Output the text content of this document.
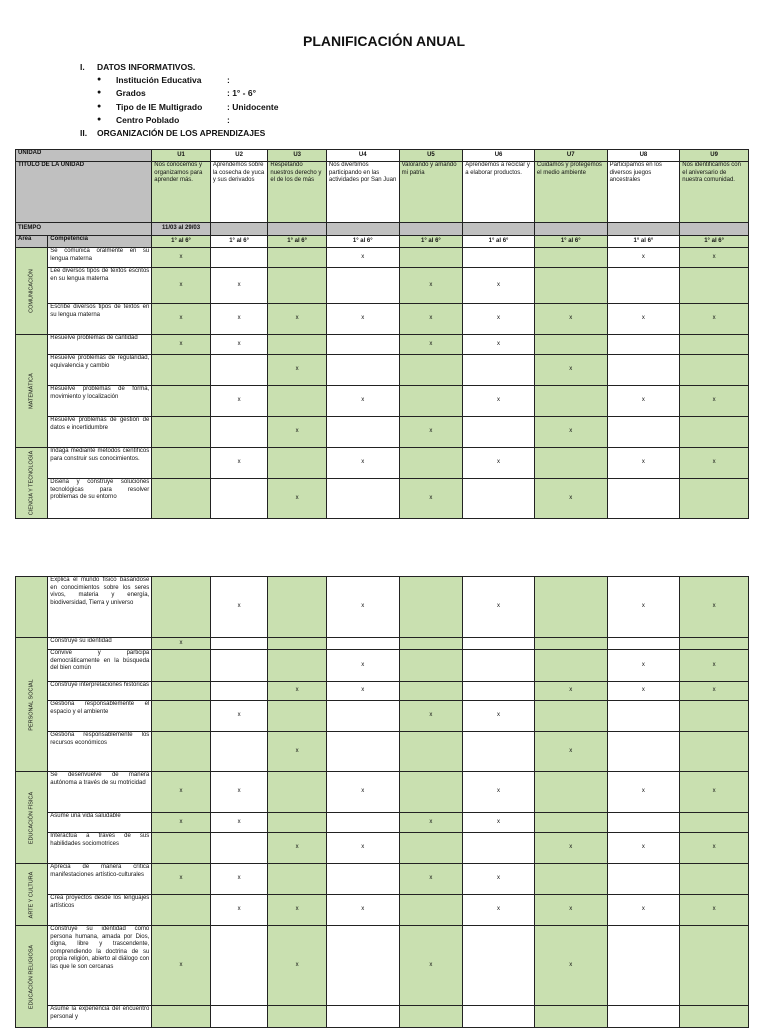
PLANIFICACIÓN ANUAL
I. DATOS INFORMATIVOS.
● Institución Educativa	:
● Grados	: 1° - 6°
● Tipo de IE Multigrado	: Unidocente
● Centro Poblado	:
II. ORGANIZACIÓN DE LOS APRENDIZAJES
UNIDAD		U1	U2	U3	U4	U5	U6	U7	U8	U9
TITULO DE LA UNIDAD		Nos conocemos y organizamos para aprender más.	Aprendemos sobre la cosecha de yuca y sus derivados	Respetando nuestros derecho y el de los de más	Nos divertimos participando en las actividades por San Juan	Valorando y amando mi patria	Aprendemos a reciclar y a elaborar productos.	Cuidamos y protegemos el medio ambiente	Participamos en los diversos juegos ancestrales	Nos identificamos con el aniversario de nuestra comunidad.
TIEMPO		11/03 al 29/03								
Área	Competencia	1° al 6°	1° al 6°	1° al 6°	1° al 6°	1° al 6°	1° al 6°	1° al 6°	1° al 6°	1° al 6°

COMUNICACIÓN	Se comunica oralmente en su lengua materna	x			x				x	x
	Lee diversos tipos de textos escritos en su lengua materna	x	x			x	x			
	Escribe diversos tipos de textos en su lengua materna	x	x	x	x	x	x	x	x	x

MATEMÁTICA	Resuelve problemas de cantidad	x	x			x	x			
	Resuelve problemas de regularidad, equivalencia y cambio			x				x		
	Resuelve problemas de forma, movimiento y localización		x		x		x		x	x
	Resuelve problemas de gestión de datos e incertidumbre			x		x		x		

CIENCIA Y TECNOLOGÍA	Indaga mediante métodos científicos para construir sus conocimientos.		x		x		x		x	x
	Diseña y construye soluciones tecnológicas para resolver problemas de su entorno			x		x		x		
	Explica el mundo físico basándose en conocimientos sobre los seres vivos, materia y energía, biodiversidad, Tierra y universo		x		x		x		x	x

PERSONAL SOCIAL	Construye su identidad	x								
	Convive y participa democráticamente en la búsqueda del bien común				x				x	x
	Construye interpretaciones históricas			x	x			x	x	x
	Gestiona responsablemente el espacio y el ambiente		x			x	x			
	Gestiona responsablemente los recursos económicos			x				x		

EDUCACIÓN FÍSICA	Se desenvuelve de manera autónoma a través de su motricidad	x	x		x		x		x	x
	Asume una vida saludable	x	x			x	x			
	Interactúa a través de sus habilidades sociomotrices			x	x			x	x	x

ARTE Y CULTURA	Aprecia de manera crítica manifestaciones artístico-culturales	x	x			x	x			
	Crea proyectos desde los lenguajes artísticos		x	x	x		x	x	x	x

EDUCACIÓN RELIGIOSA	Construye su identidad como persona humana, amada por Dios, digna, libre y trascendente, comprendiendo la doctrina de su propia religión, abierto al diálogo con las que le son cercanas	x		x		x		x		
	Asume la experiencia del encuentro personal y									
